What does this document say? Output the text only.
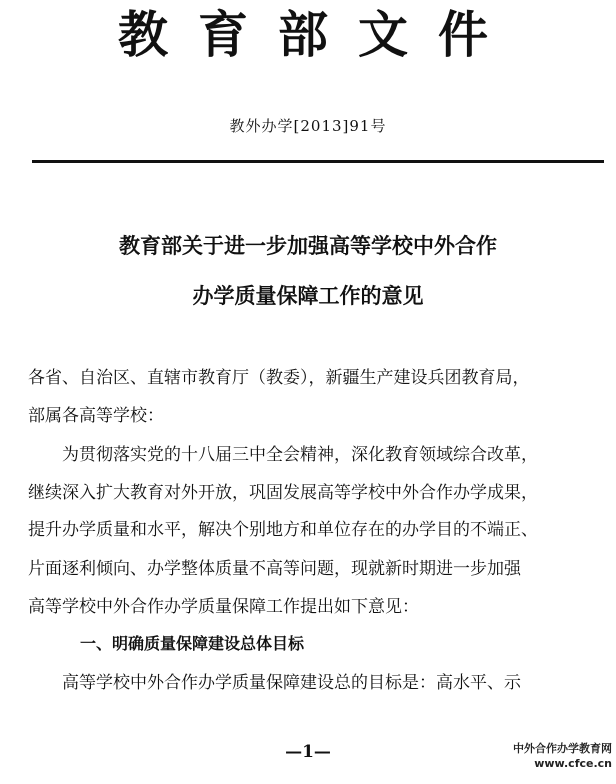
教育部文件
教外办学[2013]91号
教育部关于进一步加强高等学校中外合作
办学质量保障工作的意见
各省、自治区、直辖市教育厅（教委），新疆生产建设兵团教育局，
部属各高等学校：
为贯彻落实党的十八届三中全会精神，深化教育领域综合改革，
继续深入扩大教育对外开放，巩固发展高等学校中外合作办学成果，
提升办学质量和水平，解决个别地方和单位存在的办学目的不端正、
片面逐利倾向、办学整体质量不高等问题，现就新时期进一步加强
高等学校中外合作办学质量保障工作提出如下意见：
一、明确质量保障建设总体目标
高等学校中外合作办学质量保障建设总的目标是：高水平、示
—1—	中外合作办学教育网
www.cfce.cn
